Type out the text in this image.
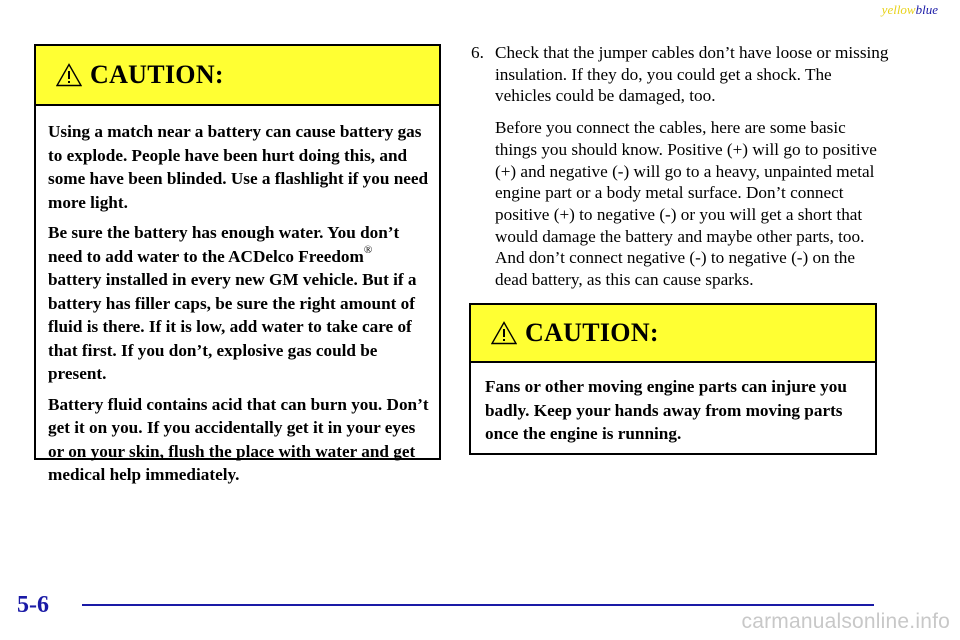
yellowblue
CAUTION:

Using a match near a battery can cause battery gas to explode. People have been hurt doing this, and some have been blinded. Use a flashlight if you need more light.

Be sure the battery has enough water. You don’t need to add water to the ACDelco Freedom® battery installed in every new GM vehicle. But if a battery has filler caps, be sure the right amount of fluid is there. If it is low, add water to take care of that first. If you don’t, explosive gas could be present.

Battery fluid contains acid that can burn you. Don’t get it on you. If you accidentally get it in your eyes or on your skin, flush the place with water and get medical help immediately.

6. Check that the jumper cables don’t have loose or missing insulation. If they do, you could get a shock. The vehicles could be damaged, too.

Before you connect the cables, here are some basic things you should know. Positive (+) will go to positive (+) and negative (-) will go to a heavy, unpainted metal engine part or a body metal surface. Don’t connect positive (+) to negative (-) or you will get a short that would damage the battery and maybe other parts, too. And don’t connect negative (-) to negative (-) on the dead battery, as this can cause sparks.

CAUTION:

Fans or other moving engine parts can injure you badly. Keep your hands away from moving parts once the engine is running.

5-6
carmanualsonline.info
